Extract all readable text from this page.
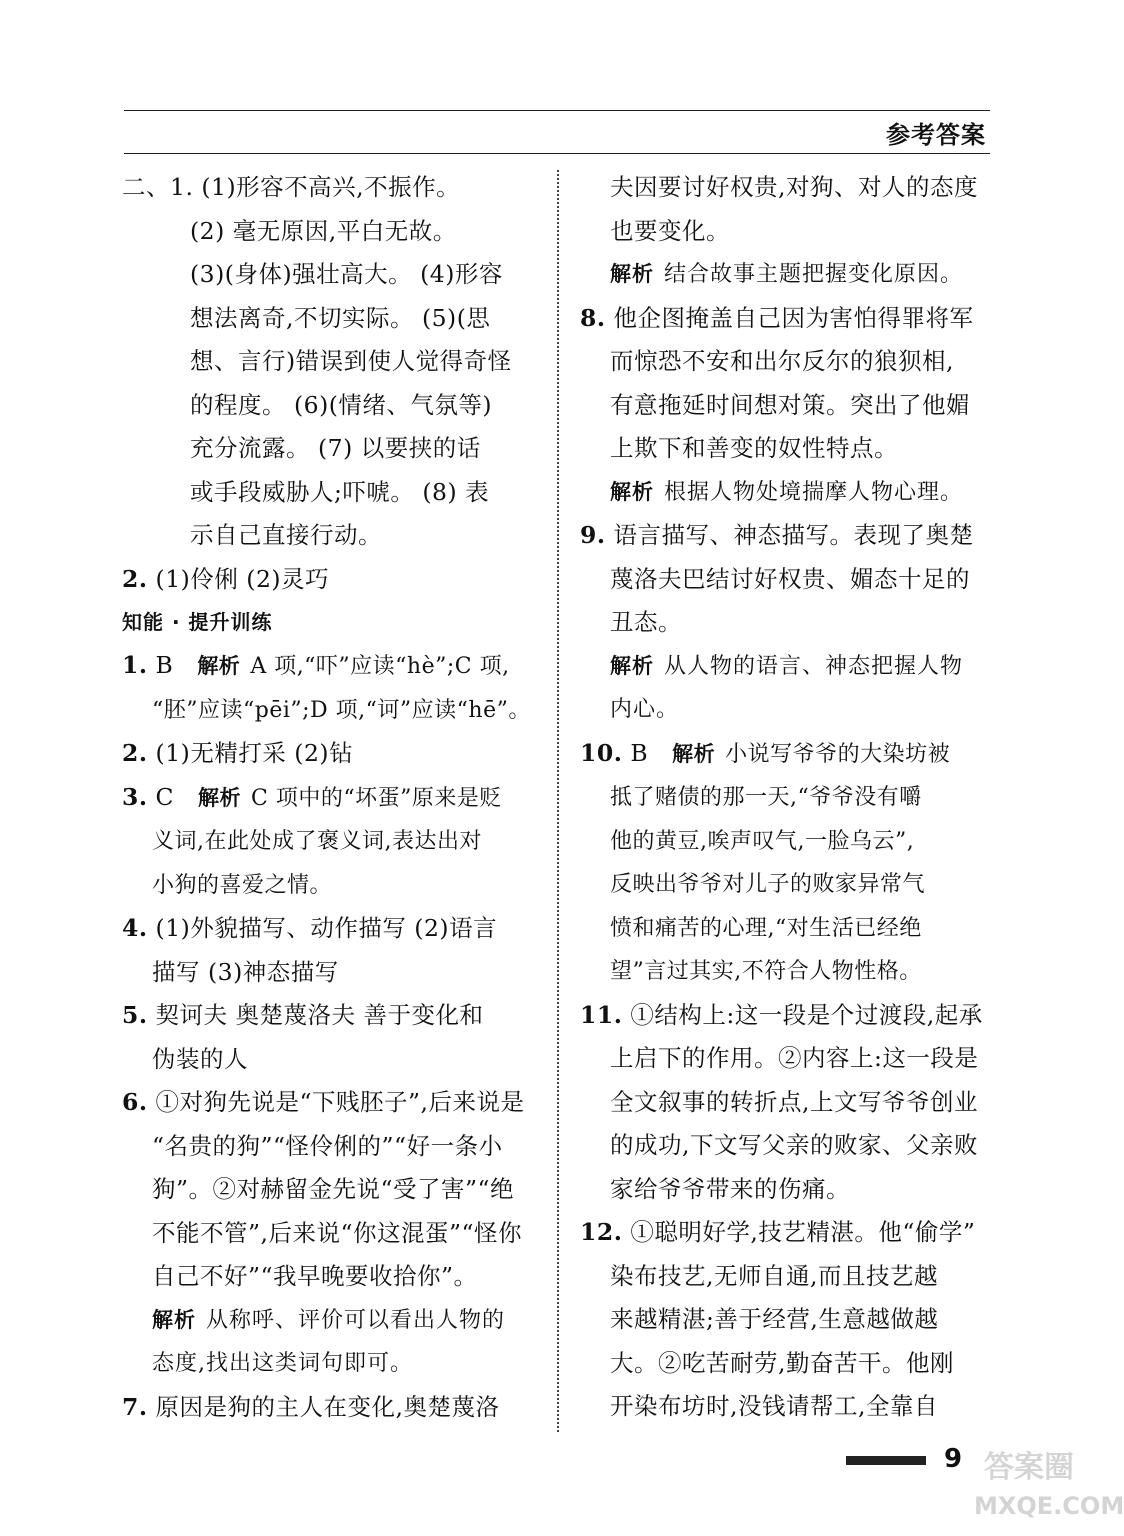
参考答案
二、1. (1)形容不高兴,不振作。
(2) 毫无原因,平白无故。
(3)(身体)强壮高大。 (4)形容
想法离奇,不切实际。 (5)(思
想、言行)错误到使人觉得奇怪
的程度。 (6)(情绪、气氛等)
充分流露。 (7) 以要挟的话
或手段威胁人;吓唬。 (8) 表
示自己直接行动。
2. (1)伶俐 (2)灵巧
知能 · 提升训练
1. B 解析 A 项,“吓”应读“hè”;C 项,
“胚”应读“pēi”;D 项,“诃”应读“hē”。
2. (1)无精打采 (2)钻
3. C 解析 C 项中的“坏蛋”原来是贬
义词,在此处成了褒义词,表达出对
小狗的喜爱之情。
4. (1)外貌描写、动作描写 (2)语言
描写 (3)神态描写
5. 契诃夫 奥楚蔑洛夫 善于变化和
伪装的人
6. ①对狗先说是“下贱胚子”,后来说是
“名贵的狗”“怪伶俐的”“好一条小
狗”。②对赫留金先说“受了害”“绝
不能不管”,后来说“你这混蛋”“怪你
自己不好”“我早晚要收拾你”。
解析 从称呼、评价可以看出人物的
态度,找出这类词句即可。
7. 原因是狗的主人在变化,奥楚蔑洛
夫因要讨好权贵,对狗、对人的态度
也要变化。
解析 结合故事主题把握变化原因。
8. 他企图掩盖自己因为害怕得罪将军
而惊恐不安和出尔反尔的狼狈相,
有意拖延时间想对策。突出了他媚
上欺下和善变的奴性特点。
解析 根据人物处境揣摩人物心理。
9. 语言描写、神态描写。表现了奥楚
蔑洛夫巴结讨好权贵、媚态十足的
丑态。
解析 从人物的语言、神态把握人物
内心。
10. B 解析 小说写爷爷的大染坊被
抵了赌债的那一天,“爷爷没有嚼
他的黄豆,唉声叹气,一脸乌云”,
反映出爷爷对儿子的败家异常气
愤和痛苦的心理,“对生活已经绝
望”言过其实,不符合人物性格。
11. ①结构上:这一段是个过渡段,起承
上启下的作用。②内容上:这一段是
全文叙事的转折点,上文写爷爷创业
的成功,下文写父亲的败家、父亲败
家给爷爷带来的伤痛。
12. ①聪明好学,技艺精湛。他“偷学”
染布技艺,无师自通,而且技艺越
来越精湛;善于经营,生意越做越
大。②吃苦耐劳,勤奋苦干。他刚
开染布坊时,没钱请帮工,全靠自
9 答案圈
MXQE.COM
